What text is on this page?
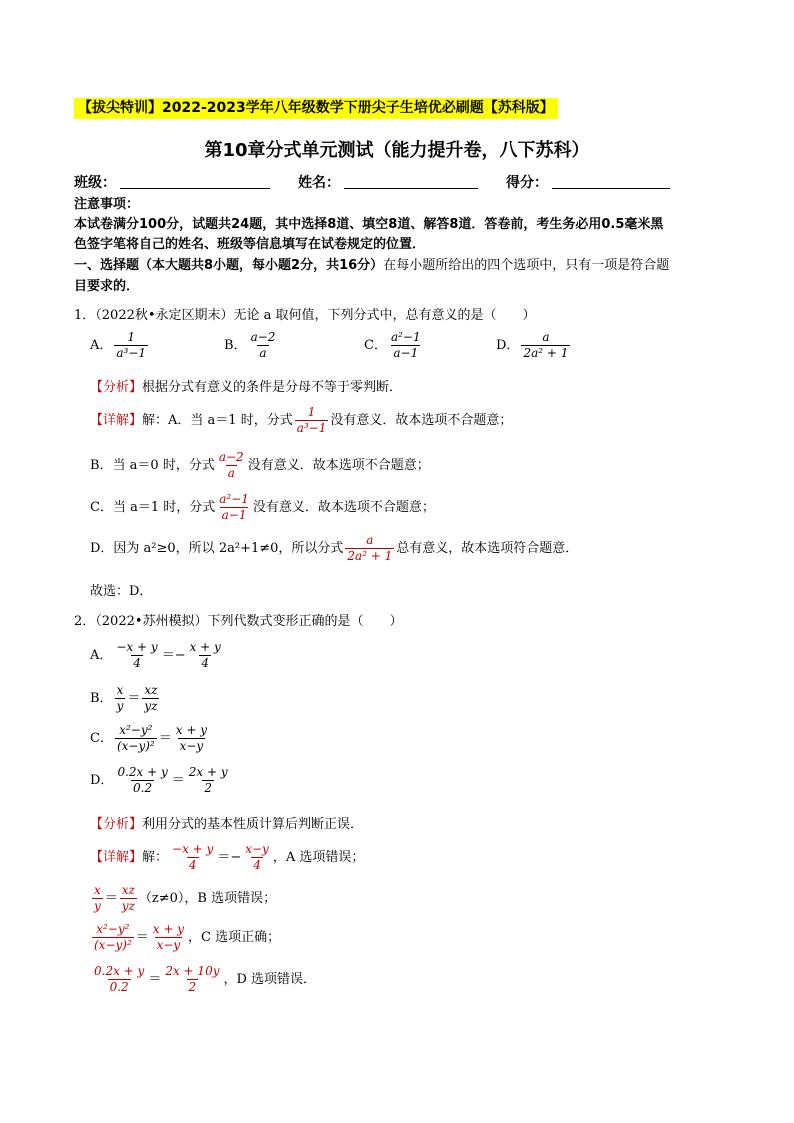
【拔尖特训】2022-2023学年八年级数学下册尖子生培优必刷题【苏科版】
第10章分式单元测试（能力提升卷，八下苏科）
班级：	姓名：	得分：
注意事项：
本试卷满分100分，试题共24题，其中选择8道、填空8道、解答8道．答卷前，考生务必用0.5毫米黑
色签字笔将自己的姓名、班级等信息填写在试卷规定的位置．
一、选择题（本大题共8小题，每小题2分，共16分）在每小题所给出的四个选项中，只有一项是符合题
目要求的．
1．（2022秋•永定区期末）无论 a 取何值，下列分式中，总有意义的是（　　）
A． $\frac{1}{\text{a³−1}}$	B． $\frac{a-2}{a}$	C． $\frac{\text{a²−1}}{a-1}$	D． $\frac{a}{\text{2a² + 1}}$
【分析】根据分式有意义的条件是分母不等于零判断．
【详解】解：A．当 a＝1 时，分式 $\frac{1}{\text{a³−1}}$ 没有意义．故本选项不合题意；
B．当 a＝0 时，分式 $\frac{a-2}{a}$ 没有意义．故本选项不合题意；
C．当 a＝1 时，分式 $\frac{\text{a²−1}}{a-1}$ 没有意义．故本选项不合题意；
D．因为 a²≥0，所以 2a²+1≠0，所以分式 $\frac{a}{\text{2a² + 1}}$ 总有意义，故本选项符合题意．
故选：D．
2．（2022•苏州模拟）下列代数式变形正确的是（　　）
A． $\frac{-x + y}{4} =- \frac{x + y}{4}$
B． $\frac{x}{y} = \frac{xz}{yz}$
C． $\frac{\text{x²−y²}}{\text{(x−y)²}} = \frac{x + y}{x-y}$
D． $\frac{0.2x + y}{0.2} = \frac{2x + y}{2}$
【分析】利用分式的基本性质计算后判断正误．
【详解】解： $\frac{-x + y}{4} =- \frac{x-y}{4}$ ，A 选项错误；
$\frac{x}{y} = \frac{xz}{yz} (z\ne 0)$，B 选项错误；
$\frac{\text{x²−y²}}{\text{(x−y)²}} = \frac{x + y}{x-y}$ ，C 选项正确；
$\frac{0.2x + y}{0.2} = \frac{2x + 10y}{2}$ ，D 选项错误．
